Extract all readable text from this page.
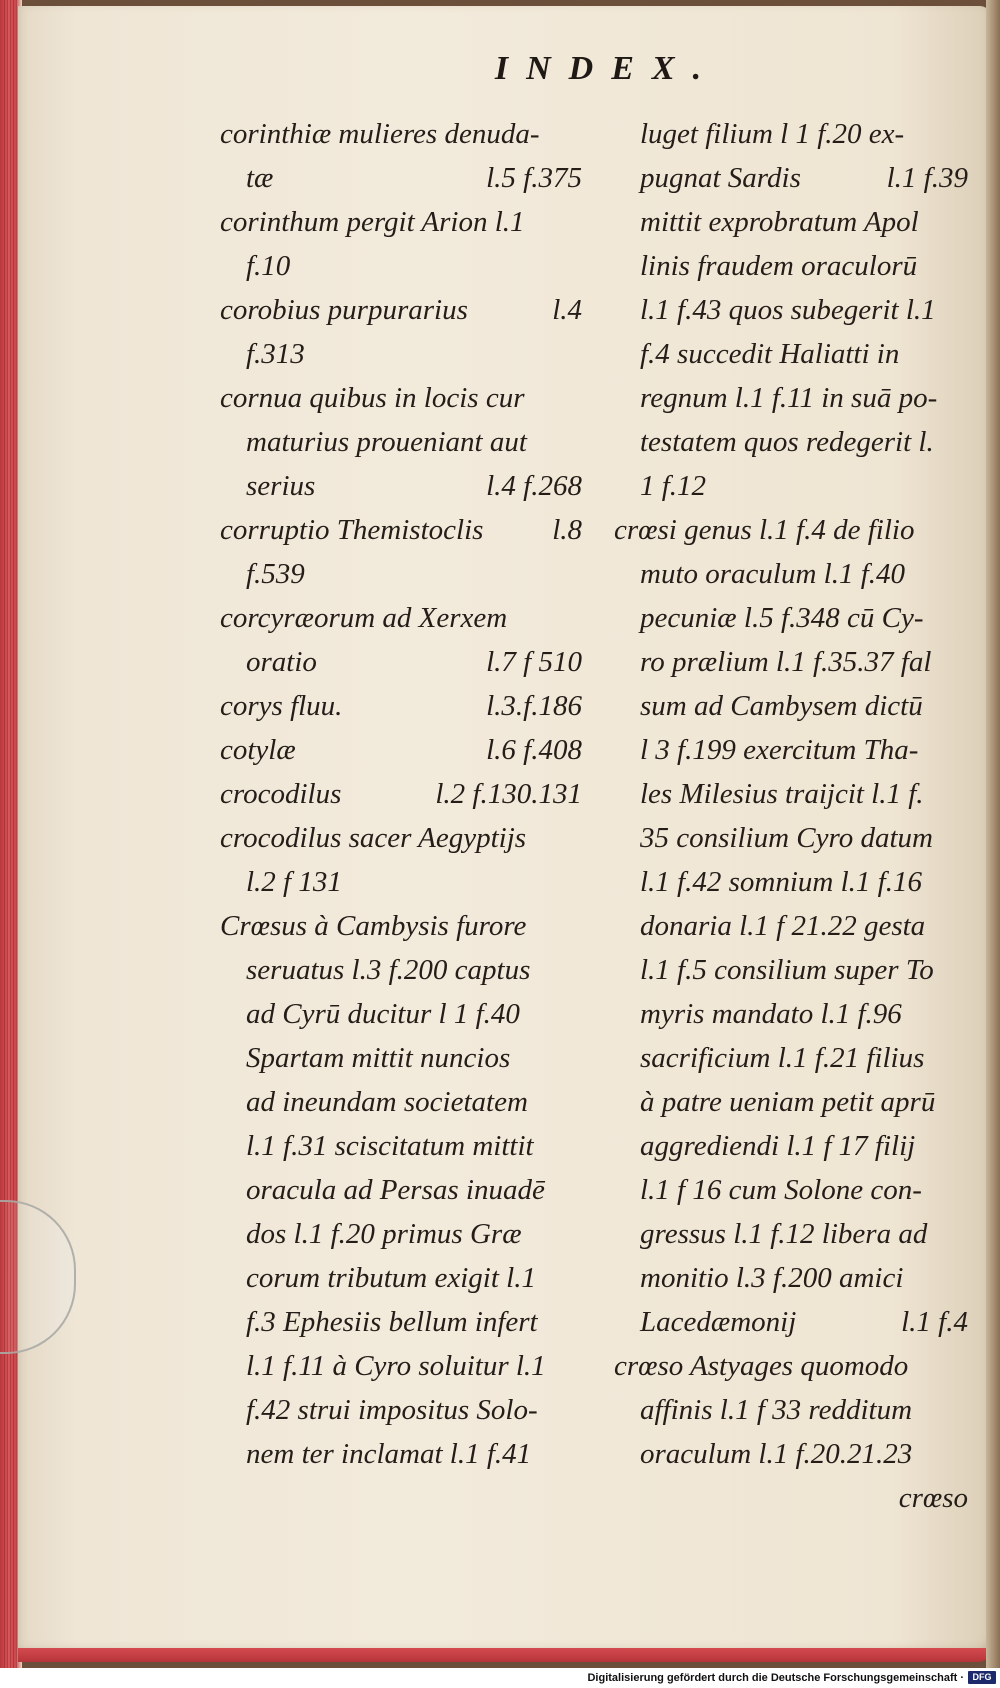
INDEX.
corinthiæ mulieres denuda-
tæ	l.5 f.375
corinthum pergit Arion l.1
f.10
corobius purpurarius	l.4
f.313
cornua quibus in locis cur
maturius proueniant aut
serius	l.4 f.268
corruptio Themistoclis l.8
f.539
corcyræorum ad Xerxem
oratio	l.7 f 510
corys fluu.	l.3.f.186
cotylæ	l.6 f.408
crocodilus	l.2 f.130.131
crocodilus sacer Aegyptijs
l.2 f 131
Crœsus à Cambysis furore
seruatus l.3 f.200 captus
ad Cyrū ducitur l 1 f.40
Spartam mittit nuncios
ad ineundam societatem
l.1 f.31 sciscitatum mittit
oracula ad Persas inuadē
dos l.1 f.20 primus Græ
corum tributum exigit l.1
f.3 Ephesiis bellum infert
l.1 f.11 à Cyro soluitur l.1
f.42 strui impositus Solo-
nem ter inclamat l.1 f.41
luget filium l 1 f.20 ex-
pugnat Sardis	l.1 f.39
mittit exprobratum Apol
linis fraudem oraculorū
l.1 f.43 quos subegerit l.1
f.4 succedit Haliatti in
regnum l.1 f.11 in suā po-
testatem quos redegerit l.
1 f.12
crœsi genus l.1 f.4 de filio
muto oraculum l.1 f.40
pecuniæ l.5 f.348 cū Cy-
ro prælium l.1 f.35.37 fal
sum ad Cambysem dictū
l 3 f.199 exercitum Tha-
les Milesius traijcit l.1 f.
35 consilium Cyro datum
l.1 f.42 somnium l.1 f.16
donaria l.1 f 21.22 gesta
l.1 f.5 consilium super To
myris mandato l.1 f.96
sacrificium l.1 f.21 filius
à patre ueniam petit aprū
aggrediendi l.1 f 17 filij
l.1 f 16 cum Solone con-
gressus l.1 f.12 libera ad
monitio l.3 f.200 amici
Lacedæmonij	l.1 f.4
crœso Astyages quomodo
affinis l.1 f 33 redditum
oraculum l.1 f.20.21.23
crœso
Digitalisierung gefördert durch die Deutsche Forschungsgemeinschaft · DFG
